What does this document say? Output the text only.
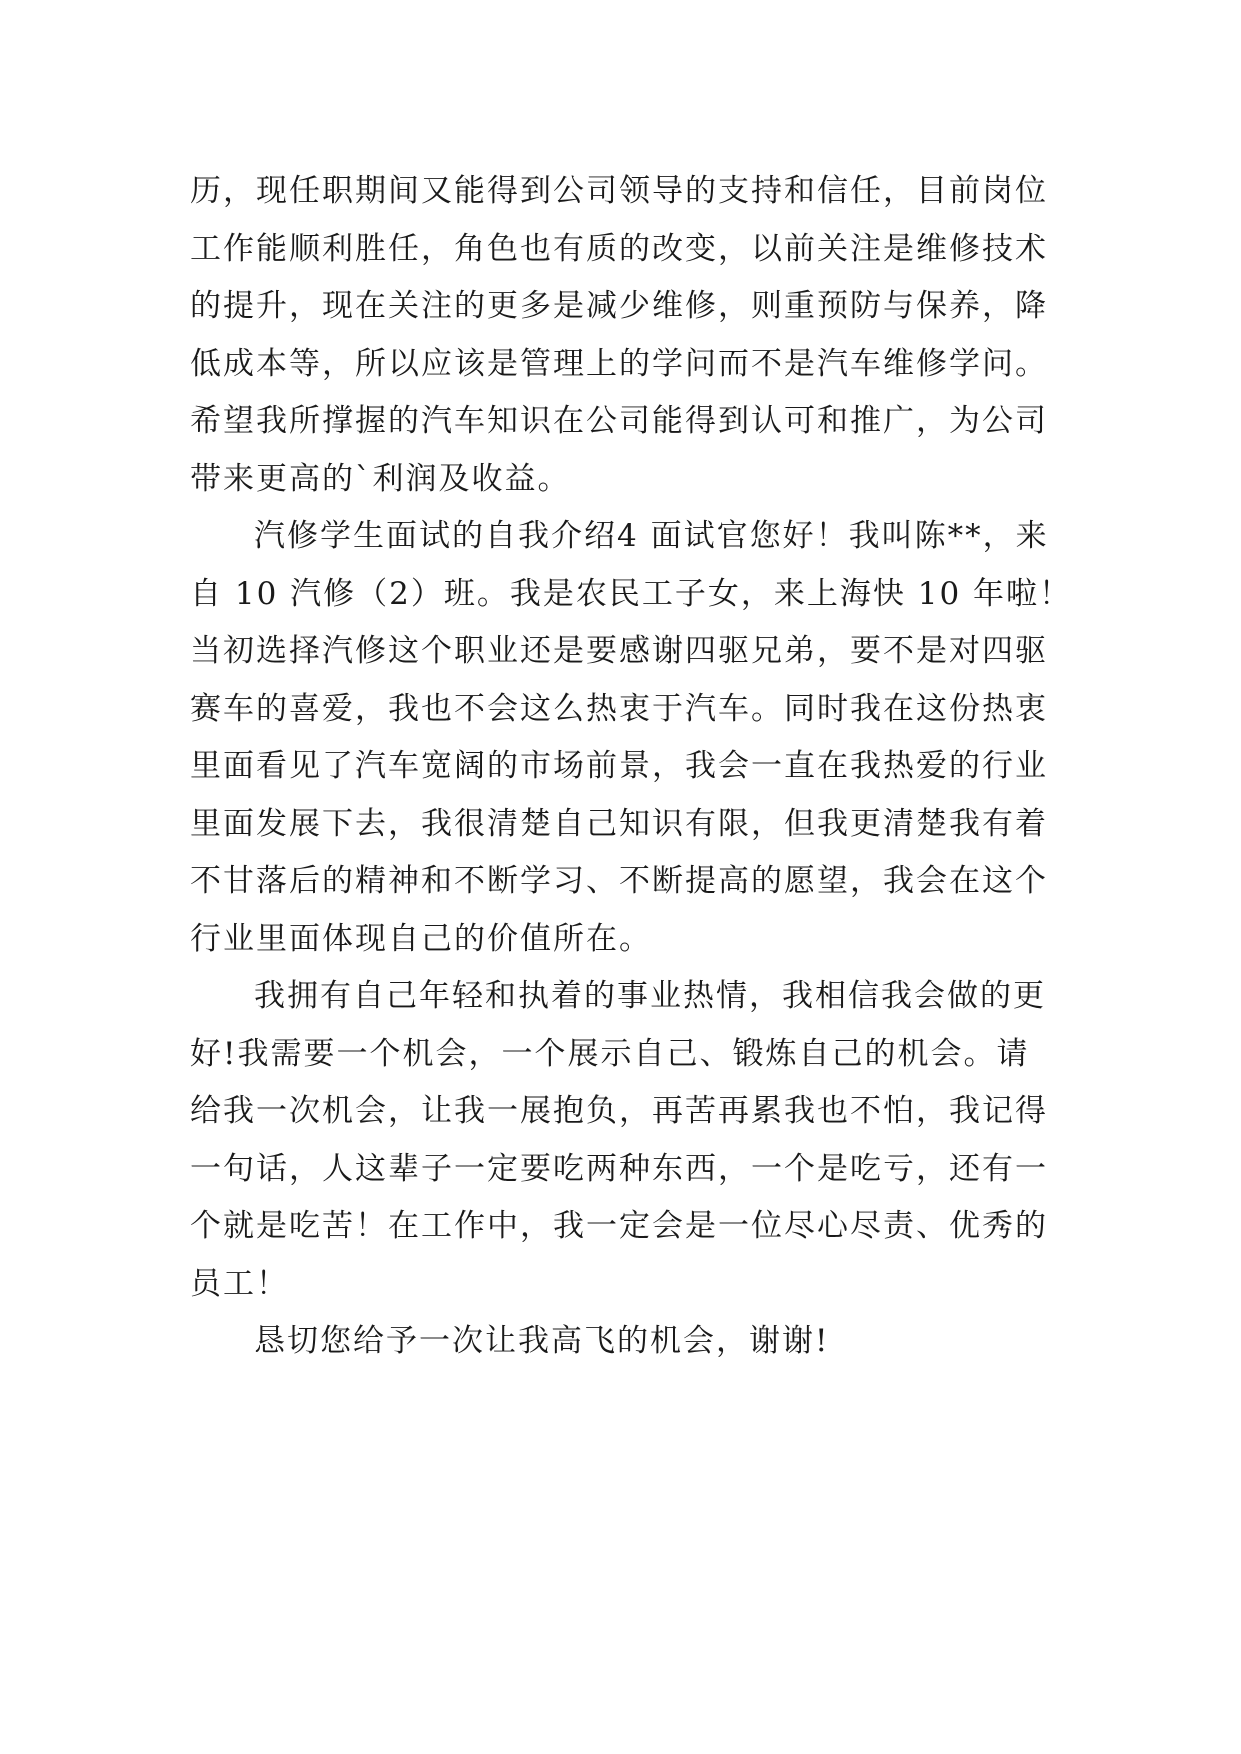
历，现任职期间又能得到公司领导的支持和信任，目前岗位
工作能顺利胜任，角色也有质的改变，以前关注是维修技术
的提升，现在关注的更多是减少维修，则重预防与保养，降
低成本等，所以应该是管理上的学问而不是汽车维修学问。
希望我所撑握的汽车知识在公司能得到认可和推广，为公司
带来更高的`利润及收益。
汽修学生面试的自我介绍4 面试官您好！我叫陈**，来
自 10 汽修（2）班。我是农民工子女，来上海快 10 年啦！
当初选择汽修这个职业还是要感谢四驱兄弟，要不是对四驱
赛车的喜爱，我也不会这么热衷于汽车。同时我在这份热衷
里面看见了汽车宽阔的市场前景，我会一直在我热爱的行业
里面发展下去，我很清楚自己知识有限，但我更清楚我有着
不甘落后的精神和不断学习、不断提高的愿望，我会在这个
行业里面体现自己的价值所在。
我拥有自己年轻和执着的事业热情，我相信我会做的更
好!我需要一个机会，一个展示自己、锻炼自己的机会。请
给我一次机会，让我一展抱负，再苦再累我也不怕，我记得
一句话，人这辈子一定要吃两种东西，一个是吃亏，还有一
个就是吃苦！在工作中，我一定会是一位尽心尽责、优秀的
员工！
恳切您给予一次让我高飞的机会，谢谢!
